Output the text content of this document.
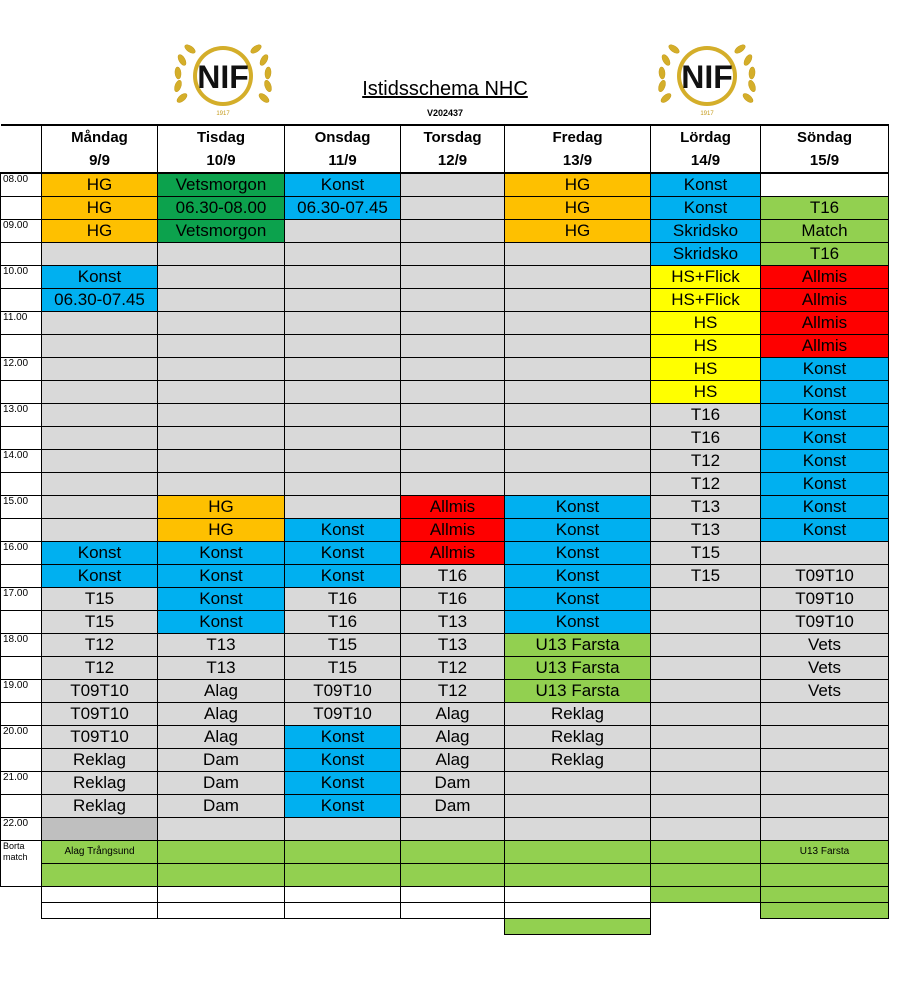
NIF
1917
NIF
1917
Istidsschema NHC
V202437
	Måndag	Tisdag	Onsdag	Torsdag	Fredag	Lördag	Söndag
	9/9	10/9	11/9	12/9	13/9	14/9	15/9
08.00	HG	Vetsmorgon	Konst		HG	Konst	
	HG	06.30-08.00	06.30-07.45		HG	Konst	T16
09.00	HG	Vetsmorgon			HG	Skridsko	Match
						Skridsko	T16
10.00	Konst					HS+Flick	Allmis
	06.30-07.45					HS+Flick	Allmis
11.00						HS	Allmis
						HS	Allmis
12.00						HS	Konst
						HS	Konst
13.00						T16	Konst
						T16	Konst
14.00						T12	Konst
						T12	Konst
15.00		HG		Allmis	Konst	T13	Konst
		HG	Konst	Allmis	Konst	T13	Konst
16.00	Konst	Konst	Konst	Allmis	Konst	T15	
	Konst	Konst	Konst	T16	Konst	T15	T09T10
17.00	T15	Konst	T16	T16	Konst		T09T10
	T15	Konst	T16	T13	Konst		T09T10
18.00	T12	T13	T15	T13	U13 Farsta		Vets
	T12	T13	T15	T12	U13 Farsta		Vets
19.00	T09T10	Alag	T09T10	T12	U13 Farsta		Vets
	T09T10	Alag	T09T10	Alag	Reklag		
20.00	T09T10	Alag	Konst	Alag	Reklag		
	Reklag	Dam	Konst	Alag	Reklag		
21.00	Reklag	Dam	Konst	Dam			
	Reklag	Dam	Konst	Dam			
22.00							
Borta match	Alag Trångsund						U13 Farsta
